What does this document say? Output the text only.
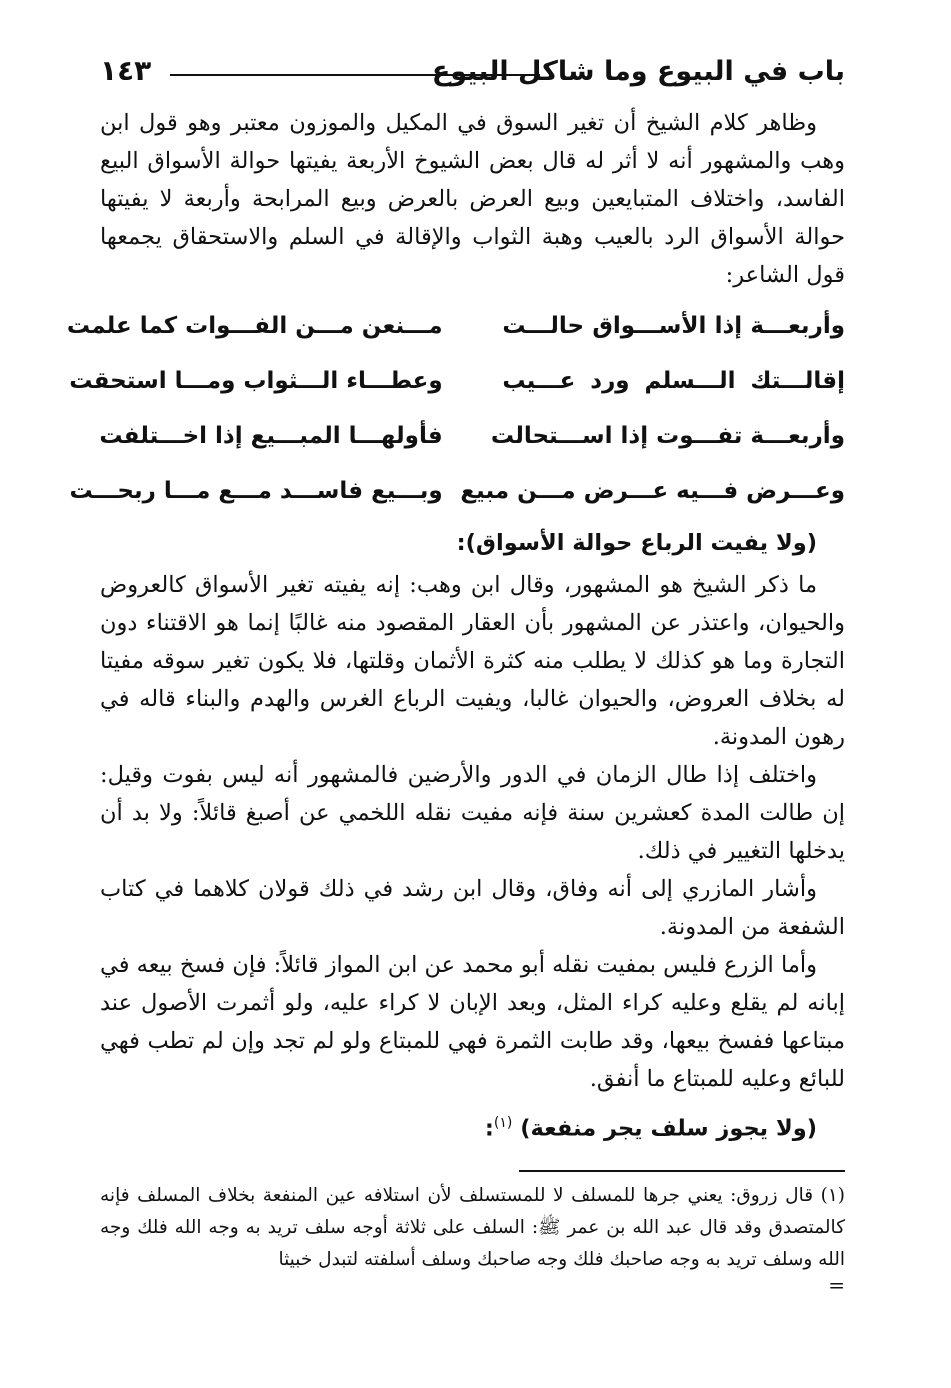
باب في البيوع وما شاكل البيوع
١٤٣

وظاهر كلام الشيخ أن تغير السوق في المكيل والموزون معتبر وهو قول ابن وهب والمشهور أنه لا أثر له قال بعض الشيوخ الأربعة يفيتها حوالة الأسواق البيع الفاسد، واختلاف المتبايعين وبيع العرض بالعرض وبيع المرابحة وأربعة لا يفيتها حوالة الأسواق الرد بالعيب وهبة الثواب والإقالة في السلم والاستحقاق يجمعها قول الشاعر:

وأربعـــة إذا الأســـواق حالـــت
مـــنعن مـــن الفـــوات كما علمت
إقالـــتك الـــسلم ورد عـــيب
وعطـــاء الـــثواب ومـــا استحقت
وأربعـــة تفـــوت إذا اســـتحالت
فأولهـــا المبـــيع إذا اخـــتلفت
وعـــرض فـــيه عـــرض مـــن مبيع
وبـــيع فاســـد مـــع مـــا ربحـــت
(ولا يفيت الرباع حوالة الأسواق):

ما ذكر الشيخ هو المشهور، وقال ابن وهب: إنه يفيته تغير الأسواق كالعروض والحيوان، واعتذر عن المشهور بأن العقار المقصود منه غالبًا إنما هو الاقتناء دون التجارة وما هو كذلك لا يطلب منه كثرة الأثمان وقلتها، فلا يكون تغير سوقه مفيتا له بخلاف العروض، والحيوان غالبا، ويفيت الرباع الغرس والهدم والبناء قاله في رهون المدونة.

واختلف إذا طال الزمان في الدور والأرضين فالمشهور أنه ليس بفوت وقيل: إن طالت المدة كعشرين سنة فإنه مفيت نقله اللخمي عن أصبغ قائلاً: ولا بد أن يدخلها التغيير في ذلك.

وأشار المازري إلى أنه وفاق، وقال ابن رشد في ذلك قولان كلاهما في كتاب الشفعة من المدونة.

وأما الزرع فليس بمفيت نقله أبو محمد عن ابن المواز قائلاً: فإن فسخ بيعه في إبانه لم يقلع وعليه كراء المثل، وبعد الإبان لا كراء عليه، ولو أثمرت الأصول عند مبتاعها ففسخ بيعها، وقد طابت الثمرة فهي للمبتاع ولو لم تجد وإن لم تطب فهي للبائع وعليه للمبتاع ما أنفق.

(ولا يجوز سلف يجر منفعة) $^{(١)}$:

(١) قال زروق: يعني جرها للمسلف لا للمستسلف لأن استلافه عين المنفعة بخلاف المسلف فإنه كالمتصدق وقد قال عبد الله بن عمر ﷺ: السلف على ثلاثة أوجه سلف تريد به وجه الله فلك وجه الله وسلف تريد به وجه صاحبك فلك وجه صاحبك وسلف أسلفته لتبدل خبيثا

=
